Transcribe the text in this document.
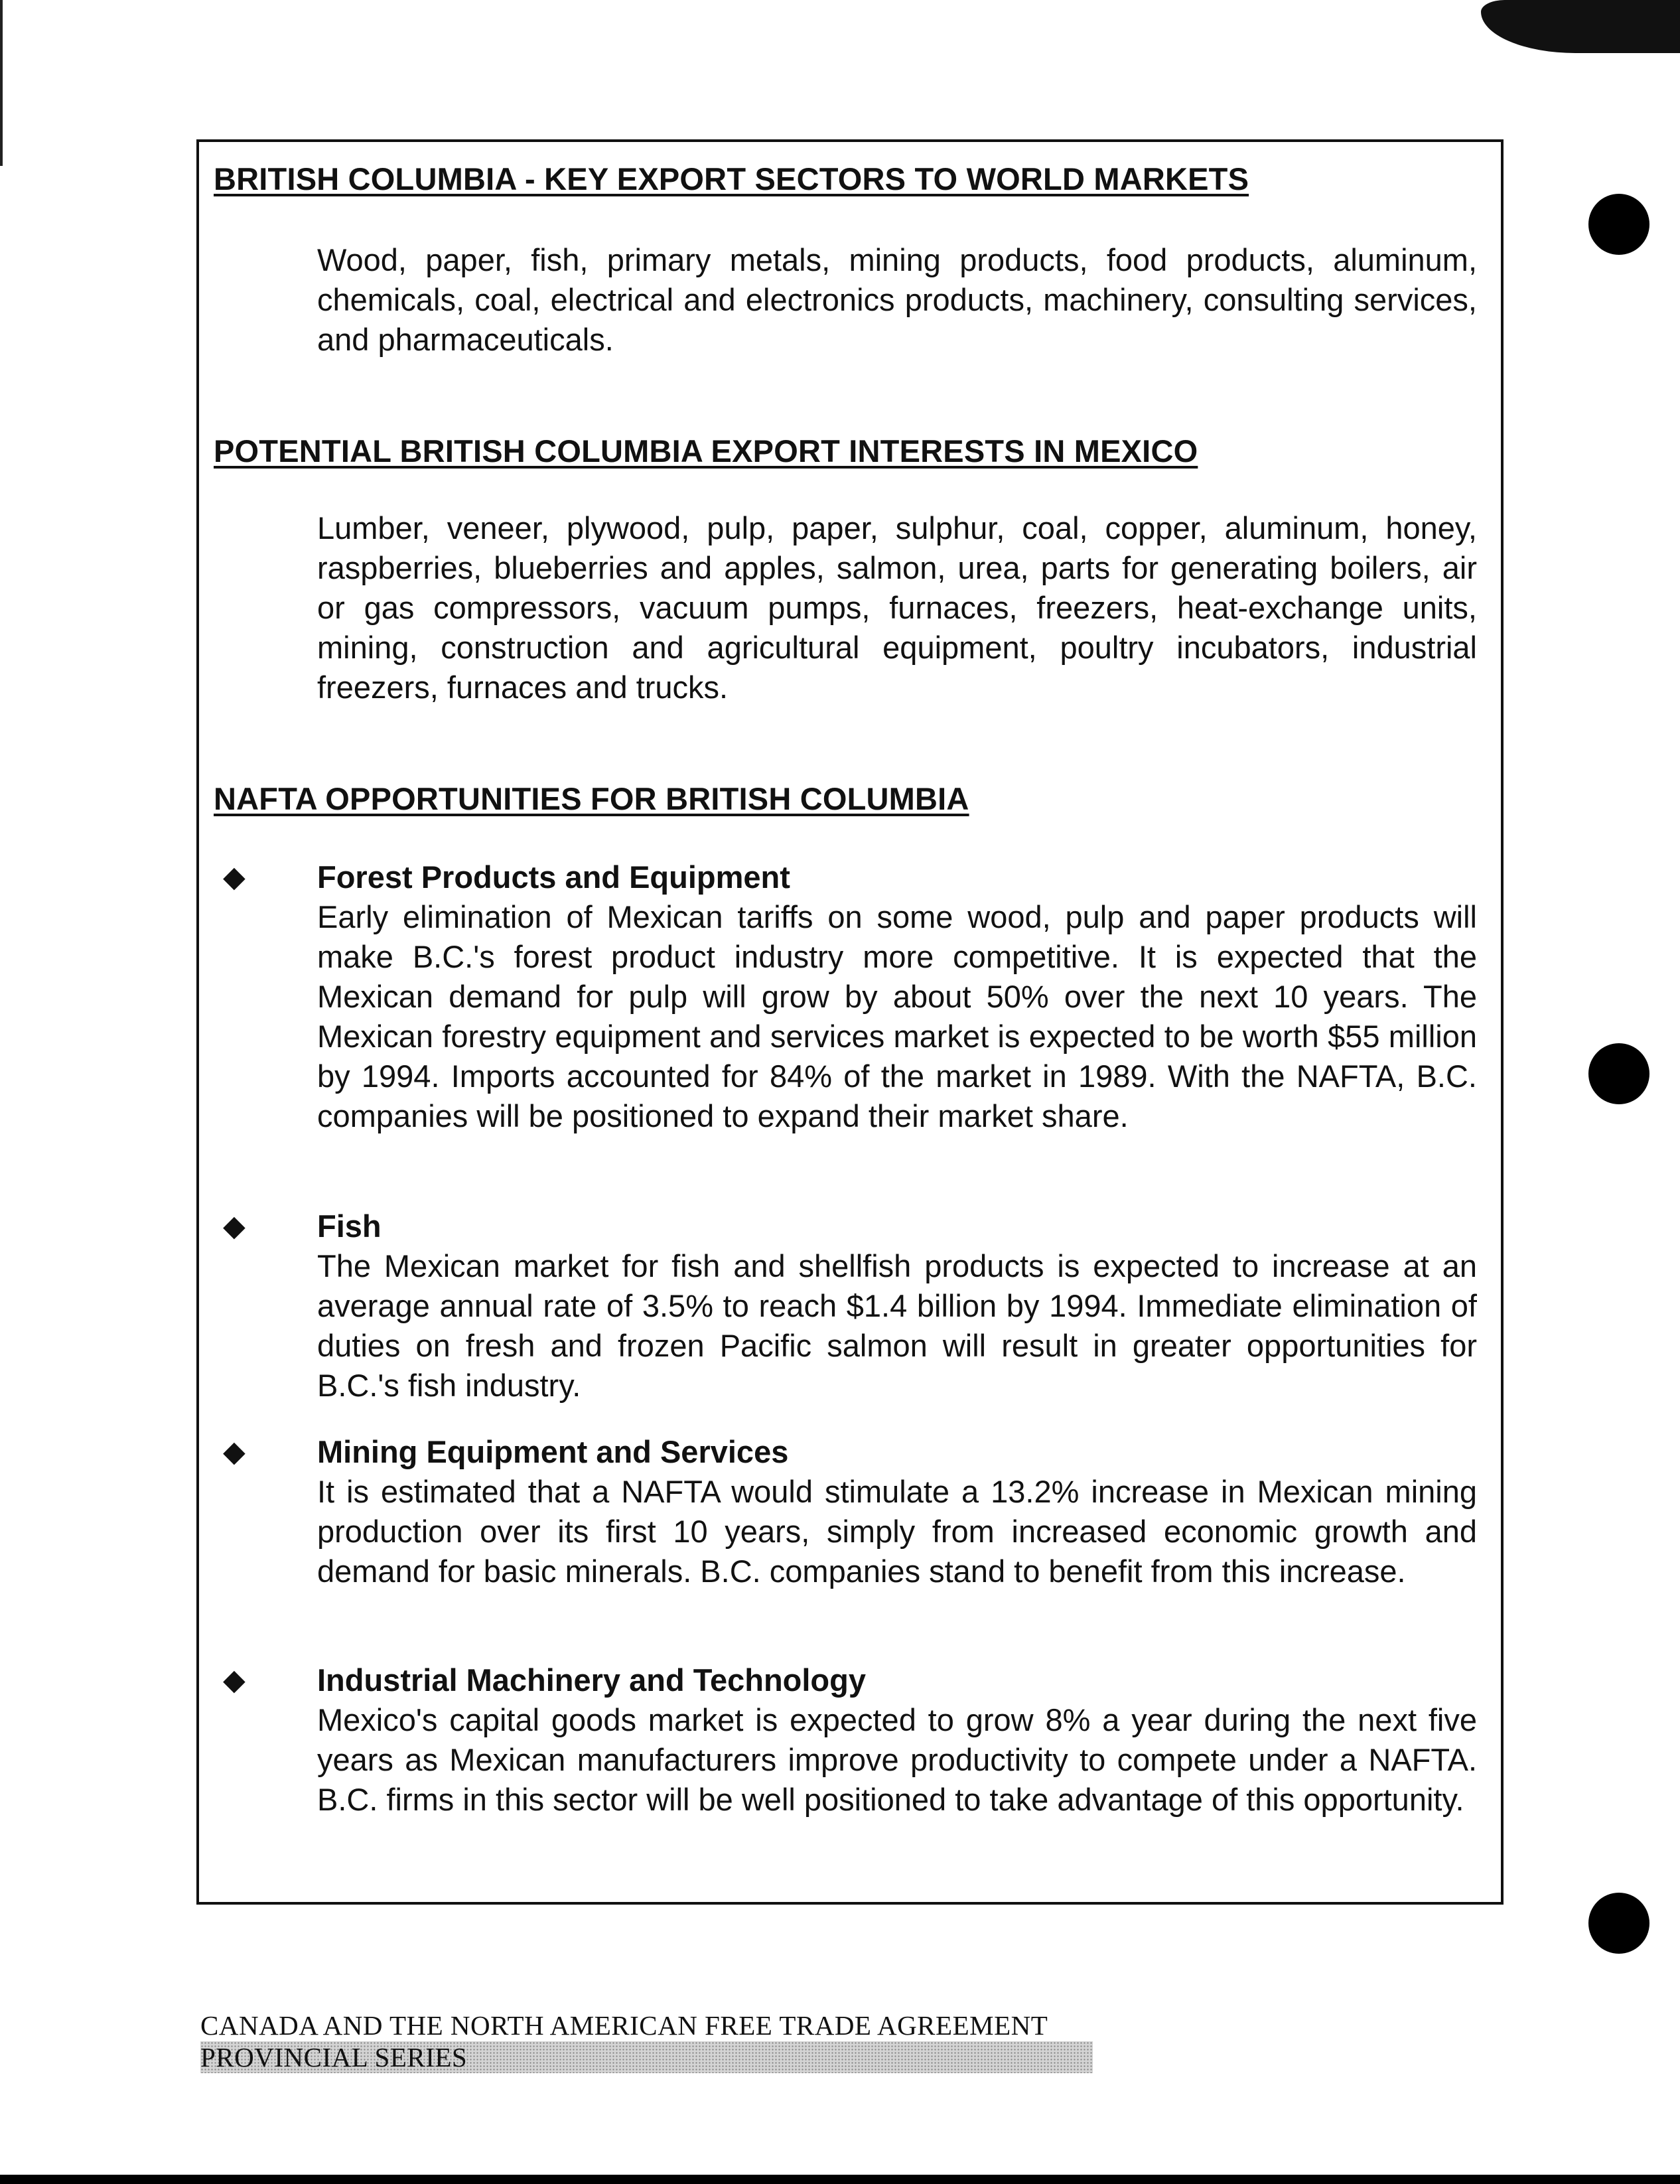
BRITISH COLUMBIA - KEY EXPORT SECTORS TO WORLD MARKETS

Wood, paper, fish, primary metals, mining products, food products, aluminum, chemicals, coal, electrical and electronics products, machinery, consulting services, and pharmaceuticals.

POTENTIAL BRITISH COLUMBIA EXPORT INTERESTS IN MEXICO

Lumber, veneer, plywood, pulp, paper, sulphur, coal, copper, aluminum, honey, raspberries, blueberries and apples, salmon, urea, parts for generating boilers, air or gas compressors, vacuum pumps, furnaces, freezers, heat-exchange units, mining, construction and agricultural equipment, poultry incubators, industrial freezers, furnaces and trucks.

NAFTA OPPORTUNITIES FOR BRITISH COLUMBIA
◆ Forest Products and Equipment

Early elimination of Mexican tariffs on some wood, pulp and paper products will make B.C.'s forest product industry more competitive. It is expected that the Mexican demand for pulp will grow by about 50% over the next 10 years. The Mexican forestry equipment and services market is expected to be worth $55 million by 1994. Imports accounted for 84% of the market in 1989. With the NAFTA, B.C. companies will be positioned to expand their market share.

◆ Fish

The Mexican market for fish and shellfish products is expected to increase at an average annual rate of 3.5% to reach $1.4 billion by 1994. Immediate elimination of duties on fresh and frozen Pacific salmon will result in greater opportunities for B.C.'s fish industry.

◆ Mining Equipment and Services

It is estimated that a NAFTA would stimulate a 13.2% increase in Mexican mining production over its first 10 years, simply from increased economic growth and demand for basic minerals. B.C. companies stand to benefit from this increase.

◆ Industrial Machinery and Technology

Mexico's capital goods market is expected to grow 8% a year during the next five years as Mexican manufacturers improve productivity to compete under a NAFTA. B.C. firms in this sector will be well positioned to take advantage of this opportunity.

CANADA AND THE NORTH AMERICAN FREE TRADE AGREEMENT
PROVINCIAL SERIES
